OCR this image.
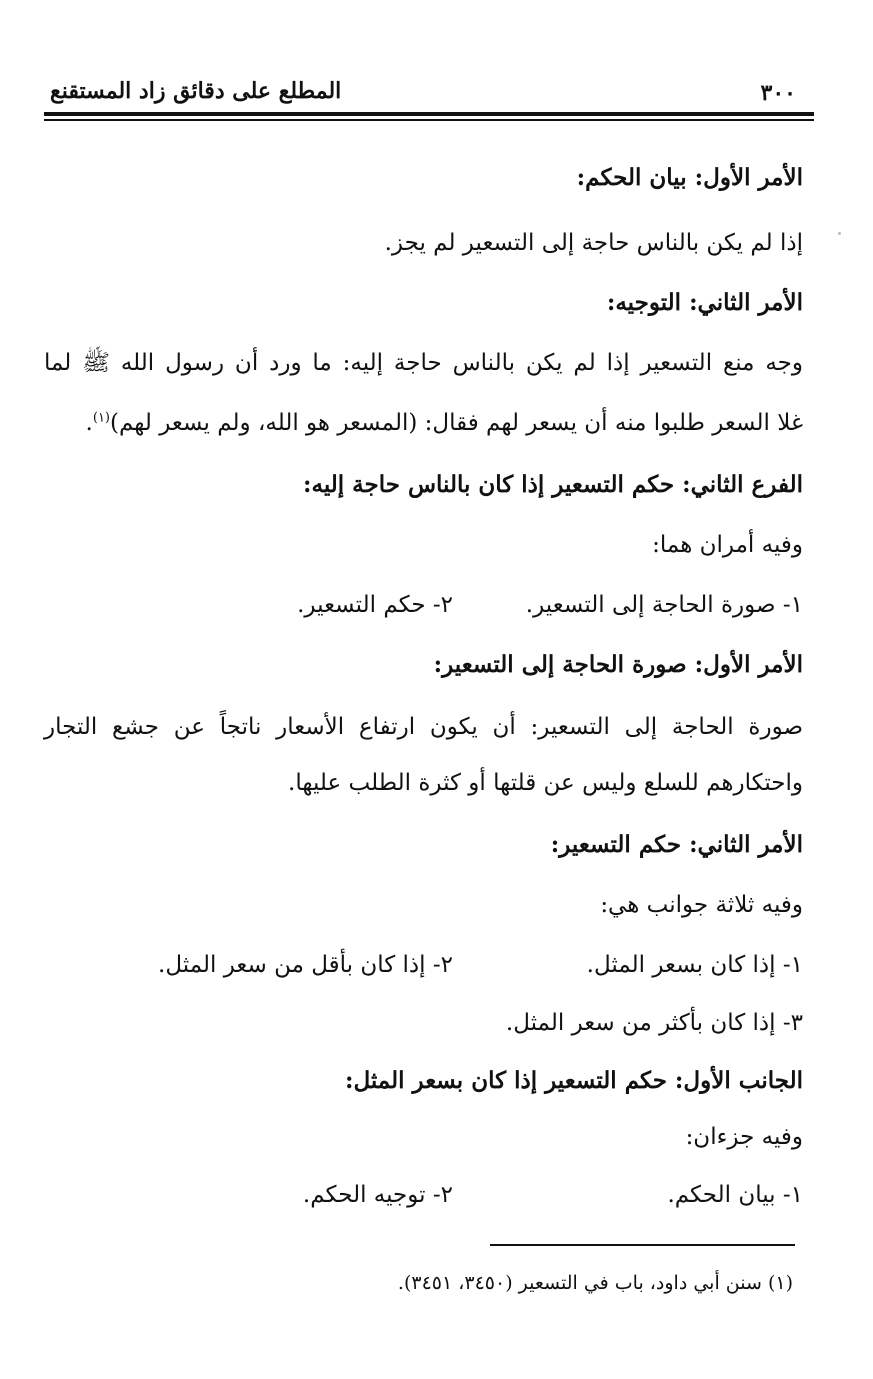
المطلع على دقائق زاد المستقنع	٣٠٠
الأمر الأول: بيان الحكم:
إذا لم يكن بالناس حاجة إلى التسعير لم يجز.
الأمر الثاني: التوجيه:
وجه منع التسعير إذا لم يكن بالناس حاجة إليه: ما ورد أن رسول الله ﷺ لما
غلا السعر طلبوا منه أن يسعر لهم فقال: (المسعر هو الله، ولم يسعر لهم)$^{(١)}$.
الفرع الثاني: حكم التسعير إذا كان بالناس حاجة إليه:
وفيه أمران هما:
١- صورة الحاجة إلى التسعير.
٢- حكم التسعير.
الأمر الأول: صورة الحاجة إلى التسعير:
صورة الحاجة إلى التسعير: أن يكون ارتفاع الأسعار ناتجاً عن جشع التجار
واحتكارهم للسلع وليس عن قلتها أو كثرة الطلب عليها.
الأمر الثاني: حكم التسعير:
وفيه ثلاثة جوانب هي:
١- إذا كان بسعر المثل.
٢- إذا كان بأقل من سعر المثل.
٣- إذا كان بأكثر من سعر المثل.
الجانب الأول: حكم التسعير إذا كان بسعر المثل:
وفيه جزءان:
١- بيان الحكم.
٢- توجيه الحكم.
(١) سنن أبي داود، باب في التسعير (٣٤٥٠، ٣٤٥١).
